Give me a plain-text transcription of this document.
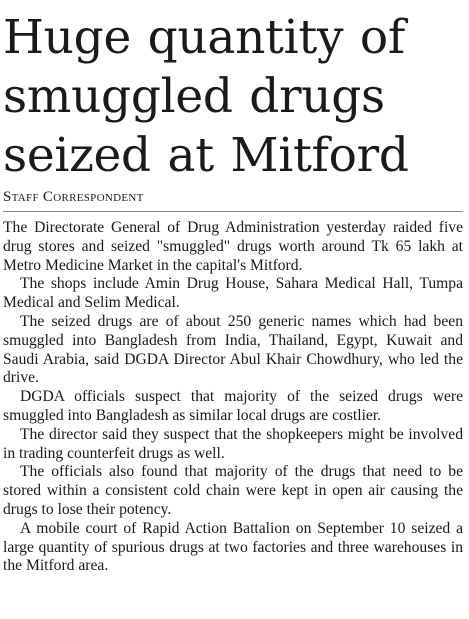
Huge quantity of
smuggled drugs
seized at Mitford
Staff Correspondent

The Directorate General of Drug Administration yesterday raided five drug stores and seized "smuggled" drugs worth around Tk 65 lakh at Metro Medicine Market in the capital's Mitford.

The shops include Amin Drug House, Sahara Medical Hall, Tumpa Medical and Selim Medical.

The seized drugs are of about 250 generic names which had been smuggled into Bangladesh from India, Thailand, Egypt, Kuwait and Saudi Arabia, said DGDA Director Abul Khair Chowdhury, who led the drive.

DGDA officials suspect that majority of the seized drugs were smuggled into Bangladesh as similar local drugs are costlier.

The director said they suspect that the shopkeepers might be involved in trading counterfeit drugs as well.

The officials also found that majority of the drugs that need to be stored within a consistent cold chain were kept in open air causing the drugs to lose their potency.

A mobile court of Rapid Action Battalion on September 10 seized a large quantity of spurious drugs at two factories and three warehouses in the Mitford area.
